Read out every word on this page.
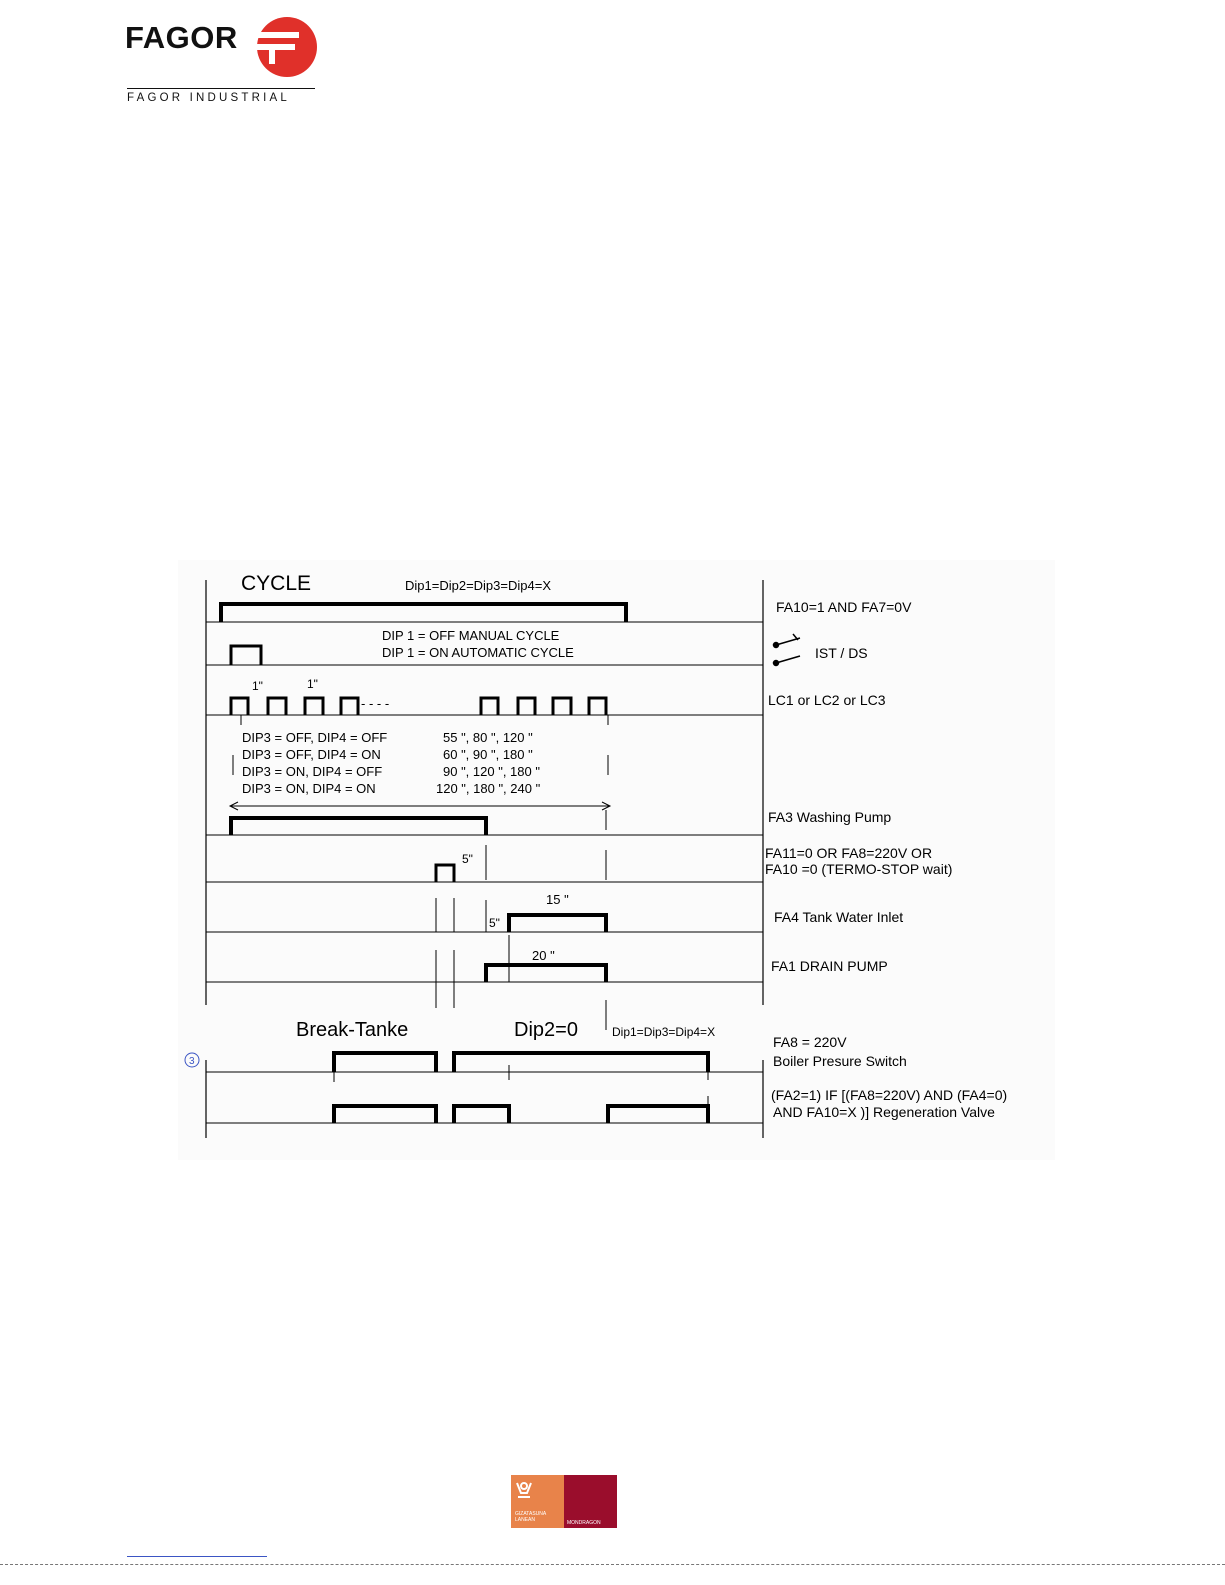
FAGOR
FAGOR INDUSTRIAL
CYCLE	Dip1=Dip2=Dip3=Dip4=X
DIP 1 = OFF MANUAL CYCLE
DIP 1 = ON AUTOMATIC CYCLE
1"	1"
- - - -
DIP3 = OFF, DIP4 = OFF	55 ", 80 ", 120 "
DIP3 = OFF, DIP4 = ON	60 ", 90 ", 180 "
DIP3 = ON, DIP4 = OFF	90 ", 120 ", 180 "
DIP3 = ON, DIP4 = ON	120 ", 180 ", 240 "
5"
5"
15 "
20 "
Break-Tanke	Dip2=0	Dip1=Dip3=Dip4=X
3
FA10=1 AND FA7=0V
IST / DS
LC1 or LC2 or LC3
FA3 Washing Pump
FA11=0 OR FA8=220V OR
FA10 =0 (TERMO-STOP wait)
FA4 Tank Water Inlet
FA1 DRAIN PUMP
FA8 = 220V
Boiler Presure Switch
(FA2=1) IF [(FA8=220V) AND (FA4=0)
AND FA10=X )] Regeneration Valve
GIZATASUNA
LANEAN	MONDRAGON
